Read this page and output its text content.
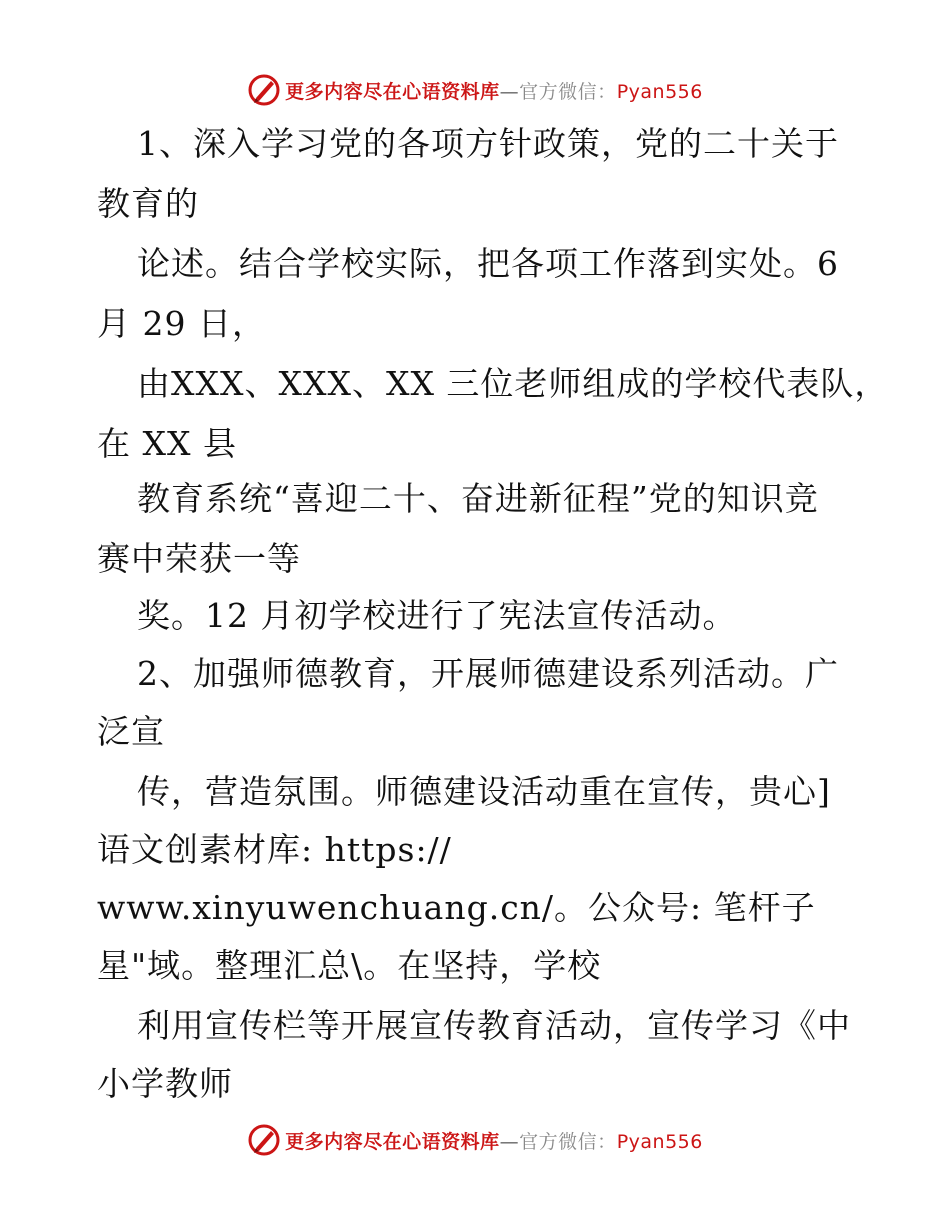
更多内容尽在心语资料库—官方微信：Pyan556
1、深入学习党的各项方针政策，党的二十关于
教育的
论述。结合学校实际，把各项工作落到实处。6
月 29 日，
由XXX、XXX、XX 三位老师组成的学校代表队，
在 XX 县
教育系统“喜迎二十、奋进新征程”党的知识竞
赛中荣获一等
奖。12 月初学校进行了宪法宣传活动。
2、加强师德教育，开展师德建设系列活动。广
泛宣
传，营造氛围。师德建设活动重在宣传，贵心]
语文创素材库: https://
www.xinyuwenchuang.cn/。公众号: 笔杆子
星"域。整理汇总\。在坚持，学校
利用宣传栏等开展宣传教育活动，宣传学习《中
小学教师
更多内容尽在心语资料库—官方微信：Pyan556
